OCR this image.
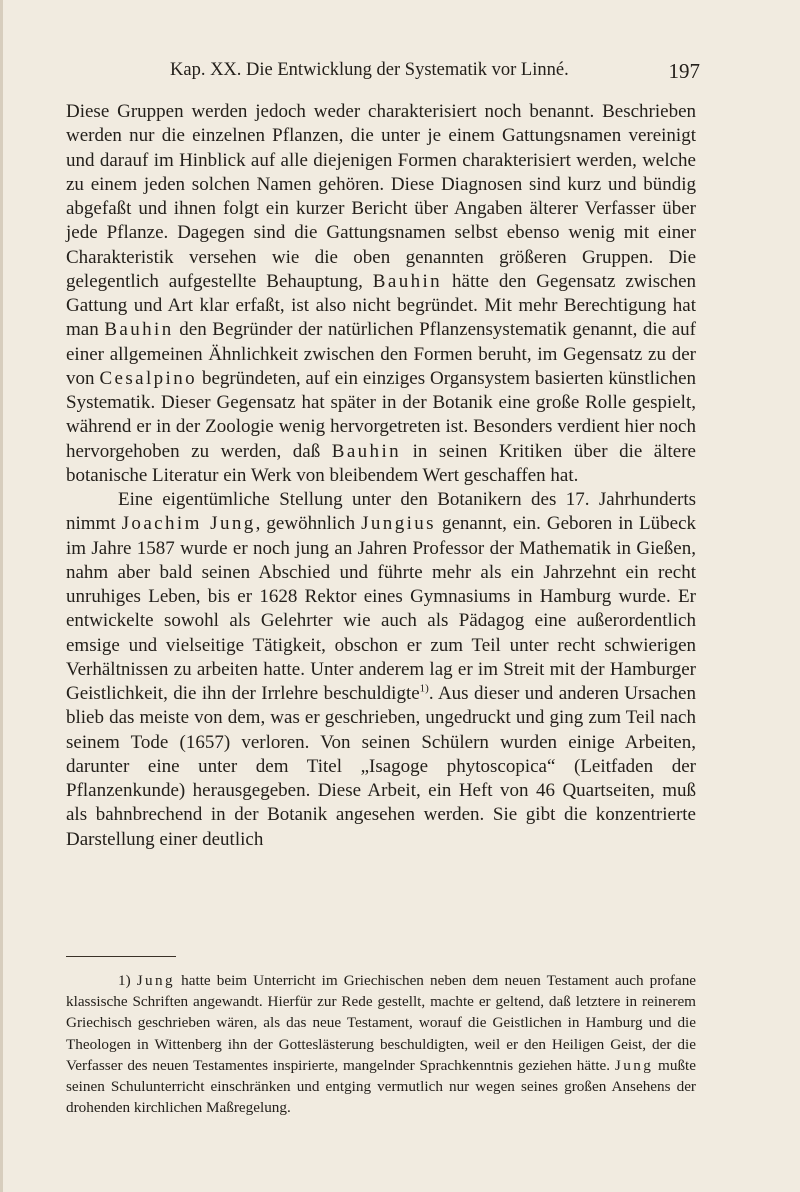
Kap. XX. Die Entwicklung der Systematik vor Linné.	197

Diese Gruppen werden jedoch weder charakterisiert noch benannt. Beschrieben werden nur die einzelnen Pflanzen, die unter je einem Gattungsnamen vereinigt und darauf im Hinblick auf alle diejenigen Formen charakterisiert werden, welche zu einem jeden solchen Namen gehören. Diese Diagnosen sind kurz und bündig abgefaßt und ihnen folgt ein kurzer Bericht über Angaben älterer Verfasser über jede Pflanze. Dagegen sind die Gattungsnamen selbst ebenso wenig mit einer Charakteristik versehen wie die oben genannten größeren Gruppen. Die gelegentlich aufgestellte Behauptung, Bauhin hätte den Gegensatz zwischen Gattung und Art klar erfaßt, ist also nicht begründet. Mit mehr Berechtigung hat man Bauhin den Begründer der natürlichen Pflanzensystematik genannt, die auf einer allgemeinen Ähnlichkeit zwischen den Formen beruht, im Gegensatz zu der von Cesalpino begründeten, auf ein einziges Organsystem basierten künstlichen Systematik. Dieser Gegensatz hat später in der Botanik eine große Rolle gespielt, während er in der Zoologie wenig hervorgetreten ist. Besonders verdient hier noch hervorgehoben zu werden, daß Bauhin in seinen Kritiken über die ältere botanische Literatur ein Werk von bleibendem Wert geschaffen hat.

Eine eigentümliche Stellung unter den Botanikern des 17. Jahrhunderts nimmt Joachim Jung, gewöhnlich Jungius genannt, ein. Geboren in Lübeck im Jahre 1587 wurde er noch jung an Jahren Professor der Mathematik in Gießen, nahm aber bald seinen Abschied und führte mehr als ein Jahrzehnt ein recht unruhiges Leben, bis er 1628 Rektor eines Gymnasiums in Hamburg wurde. Er entwickelte sowohl als Gelehrter wie auch als Pädagog eine außerordentlich emsige und vielseitige Tätigkeit, obschon er zum Teil unter recht schwierigen Verhältnissen zu arbeiten hatte. Unter anderem lag er im Streit mit der Hamburger Geistlichkeit, die ihn der Irrlehre beschuldigte$^{1)}$. Aus dieser und anderen Ursachen blieb das meiste von dem, was er geschrieben, ungedruckt und ging zum Teil nach seinem Tode (1657) verloren. Von seinen Schülern wurden einige Arbeiten, darunter eine unter dem Titel „Isagoge phytoscopica“ (Leitfaden der Pflanzenkunde) herausgegeben. Diese Arbeit, ein Heft von 46 Quartseiten, muß als bahnbrechend in der Botanik angesehen werden. Sie gibt die konzentrierte Darstellung einer deutlich

1) Jung hatte beim Unterricht im Griechischen neben dem neuen Testament auch profane klassische Schriften angewandt. Hierfür zur Rede gestellt, machte er geltend, daß letztere in reinerem Griechisch geschrieben wären, als das neue Testament, worauf die Geistlichen in Hamburg und die Theologen in Wittenberg ihn der Gotteslästerung beschuldigten, weil er den Heiligen Geist, der die Verfasser des neuen Testamentes inspirierte, mangelnder Sprachkenntnis geziehen hätte. Jung mußte seinen Schulunterricht einschränken und entging vermutlich nur wegen seines großen Ansehens der drohenden kirchlichen Maßregelung.
